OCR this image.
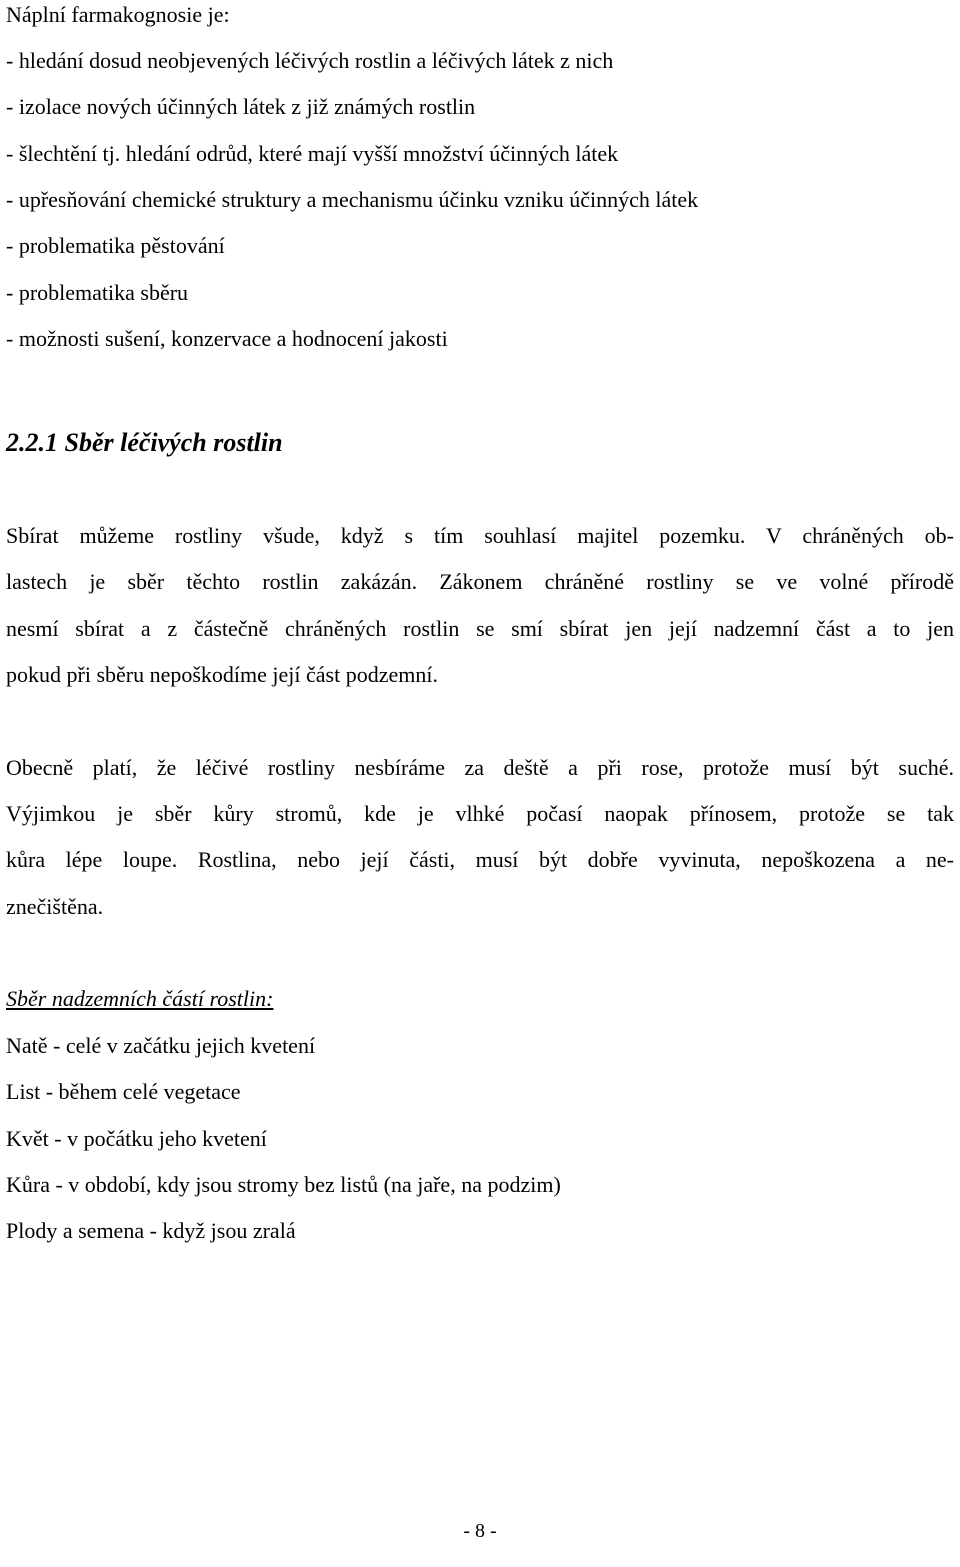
Náplní farmakognosie je:
- hledání dosud neobjevených léčivých rostlin a léčivých látek z nich
- izolace nových účinných látek z již známých rostlin
- šlechtění tj. hledání odrůd, které mají vyšší množství účinných látek
- upřesňování chemické struktury a mechanismu účinku vzniku účinných látek
- problematika pěstování
- problematika sběru
- možnosti sušení, konzervace a hodnocení jakosti
2.2.1 Sběr léčivých rostlin
Sbírat můžeme rostliny všude, když s tím souhlasí majitel pozemku. V chráněných ob-
lastech je sběr těchto rostlin zakázán. Zákonem chráněné rostliny se ve volné přírodě
nesmí sbírat a z částečně chráněných rostlin se smí sbírat jen její nadzemní část a to jen
pokud při sběru nepoškodíme její část podzemní.
Obecně platí, že léčivé rostliny nesbíráme za deště a při rose, protože musí být suché.
Výjimkou je sběr kůry stromů, kde je vlhké počasí naopak přínosem, protože se tak
kůra lépe loupe. Rostlina, nebo její části, musí být dobře vyvinuta, nepoškozena a ne-
znečištěna.
Sběr nadzemních částí rostlin:
Natě - celé v začátku jejich kvetení
List - během celé vegetace
Květ - v počátku jeho kvetení
Kůra - v období, kdy jsou stromy bez listů (na jaře, na podzim)
Plody a semena - když jsou zralá
- 8 -
